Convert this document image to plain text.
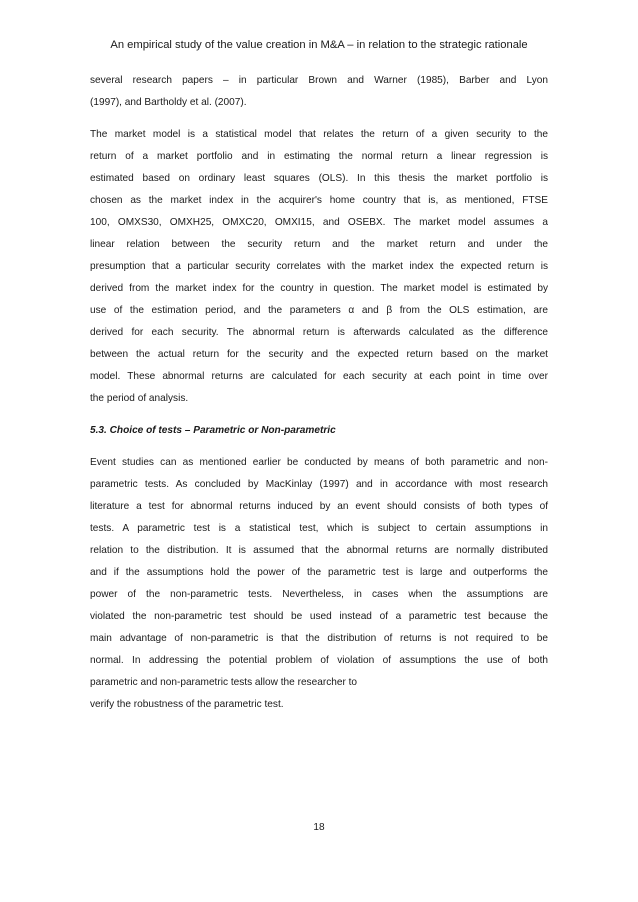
An empirical study of the value creation in M&A – in relation to the strategic rationale

several research papers – in particular Brown and Warner (1985), Barber and Lyon
(1997), and Bartholdy et al. (2007).

The market model is a statistical model that relates the return of a given security to the
return of a market portfolio and in estimating the normal return a linear regression is
estimated based on ordinary least squares (OLS). In this thesis the market portfolio is
chosen as the market index in the acquirer's home country that is, as mentioned, FTSE
100, OMXS30, OMXH25, OMXC20, OMXI15, and OSEBX. The market model assumes a
linear relation between the security return and the market return and under the
presumption that a particular security correlates with the market index the expected return is
derived from the market index for the country in question. The market model is estimated by
use of the estimation period, and the parameters α and β from the OLS estimation, are
derived for each security. The abnormal return is afterwards calculated as the difference
between the actual return for the security and the expected return based on the market
model. These abnormal returns are calculated for each security at each point in time over
the period of analysis.

5.3. Choice of tests – Parametric or Non-parametric

Event studies can as mentioned earlier be conducted by means of both parametric and non-
parametric tests. As concluded by MacKinlay (1997) and in accordance with most research
literature a test for abnormal returns induced by an event should consists of both types of
tests. A parametric test is a statistical test, which is subject to certain assumptions in
relation to the distribution. It is assumed that the abnormal returns are normally distributed
and if the assumptions hold the power of the parametric test is large and outperforms the
power of the non-parametric tests. Nevertheless, in cases when the assumptions are
violated the non-parametric test should be used instead of a parametric test because the
main advantage of non-parametric is that the distribution of returns is not required to be
normal. In addressing the potential problem of violation of assumptions the use of both
parametric and non-parametric tests allow the researcher to
verify the robustness of the parametric test.

18
